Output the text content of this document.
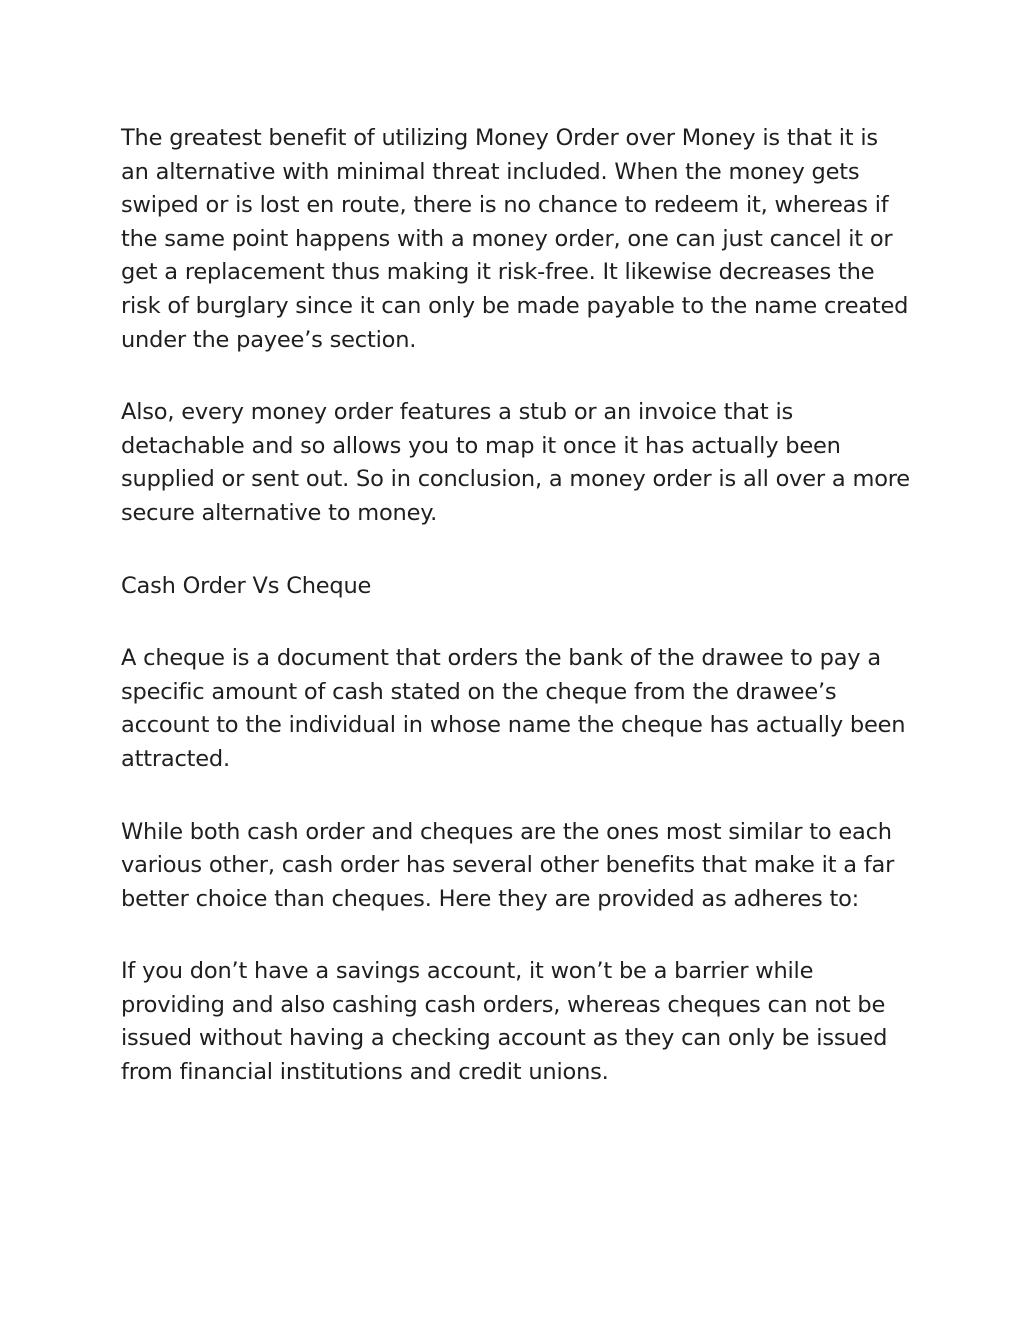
The greatest benefit of utilizing Money Order over Money is that it is an alternative with minimal threat included. When the money gets swiped or is lost en route, there is no chance to redeem it, whereas if the same point happens with a money order, one can just cancel it or get a replacement thus making it risk-free. It likewise decreases the risk of burglary since it can only be made payable to the name created under the payee’s section.

Also, every money order features a stub or an invoice that is detachable and so allows you to map it once it has actually been supplied or sent out. So in conclusion, a money order is all over a more secure alternative to money.

Cash Order Vs Cheque

A cheque is a document that orders the bank of the drawee to pay a specific amount of cash stated on the cheque from the drawee’s account to the individual in whose name the cheque has actually been attracted.

While both cash order and cheques are the ones most similar to each various other, cash order has several other benefits that make it a far better choice than cheques. Here they are provided as adheres to:

If you don’t have a savings account, it won’t be a barrier while providing and also cashing cash orders, whereas cheques can not be issued without having a checking account as they can only be issued from financial institutions and credit unions.
